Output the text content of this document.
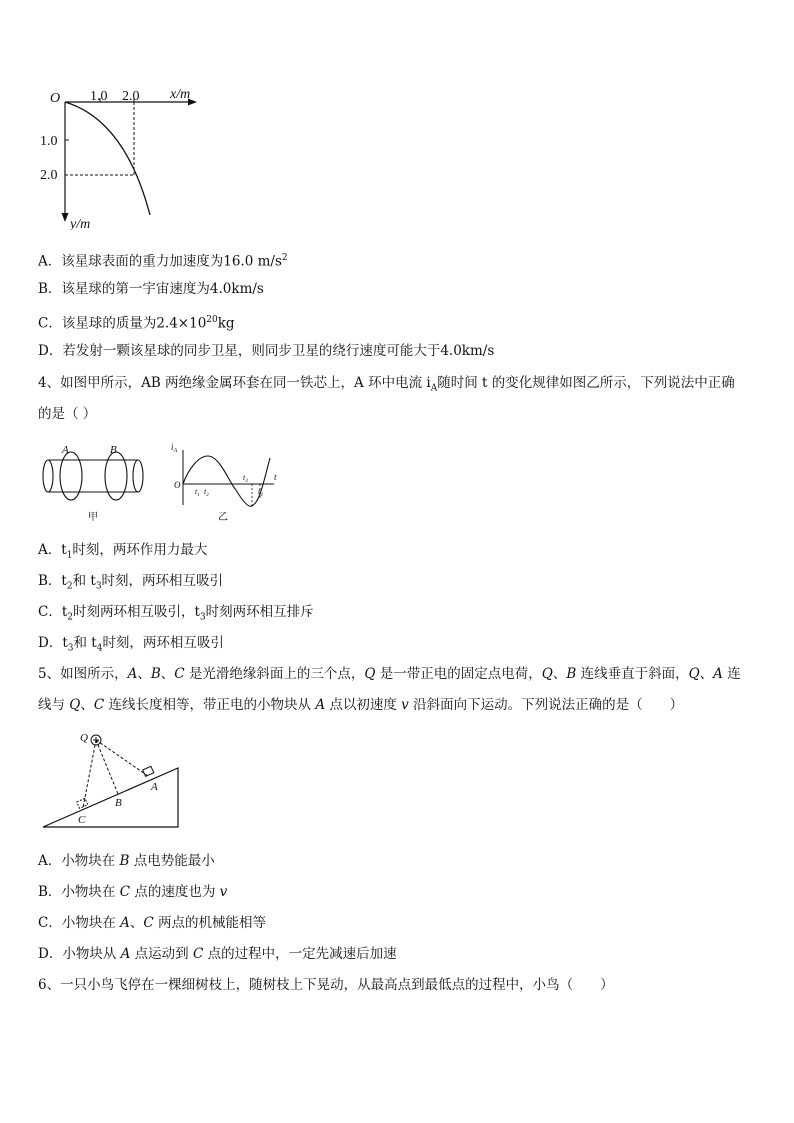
O 1.0 2.0 x/m
1.0
2.0
y/m
A．该星球表面的重力加速度为16.0 $m/s^2$
B．该星球的第一宇宙速度为4.0km/s
C．该星球的质量为$2.4\times 10^{20}kg$
D．若发射一颗该星球的同步卫星，则同步卫星的绕行速度可能大于4.0km/s
4、如图甲所示，AB 两绝缘金属环套在同一铁芯上，A 环中电流 $i_A$随时间 t 的变化规律如图乙所示，下列说法中正确
的是（ ）
A	B
甲
$i_A$
O
t
$t_1$ $t_2$
$t_3$
$t_4$
乙
A．$t_1$时刻，两环作用力最大
B．$t_2$和 $t_3$时刻，两环相互吸引
C．$t_2$时刻两环相互吸引，$t_3$时刻两环相互排斥
D．$t_3$和 $t_4$时刻，两环相互吸引
5、如图所示，A、B、C 是光滑绝缘斜面上的三个点，Q 是一带正电的固定点电荷，Q、B 连线垂直于斜面，Q、A 连
线与 Q、C 连线长度相等，带正电的小物块从 A 点以初速度 v 沿斜面向下运动。下列说法正确的是（　　）
Q
A
B
C
A．小物块在 B 点电势能最小
B．小物块在 C 点的速度也为 v
C．小物块在 A、C 两点的机械能相等
D．小物块从 A 点运动到 C 点的过程中，一定先减速后加速
6、一只小鸟飞停在一棵细树枝上，随树枝上下晃动，从最高点到最低点的过程中，小鸟（　　）
